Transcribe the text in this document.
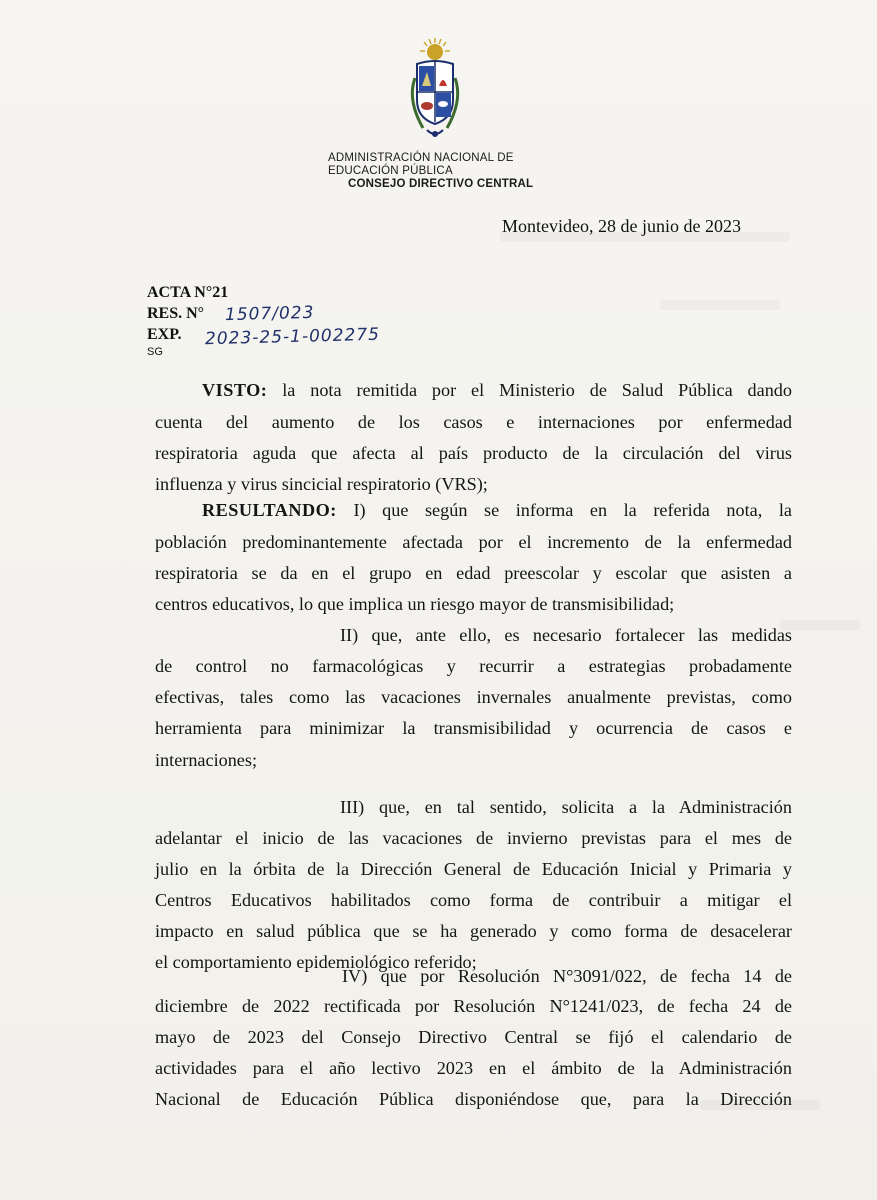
ADMINISTRACIÓN NACIONAL DE
EDUCACIÓN PÚBLICA
CONSEJO DIRECTIVO CENTRAL
Montevideo, 28 de junio de 2023
ACTA N°21
RES. N° 1507/023
EXP. 2023-25-1-002275
SG
VISTO: la nota remitida por el Ministerio de Salud Pública dando
cuenta del aumento de los casos e internaciones por enfermedad
respiratoria aguda que afecta al país producto de la circulación del virus
influenza y virus sincicial respiratorio (VRS);
RESULTANDO: I) que según se informa en la referida nota, la
población predominantemente afectada por el incremento de la enfermedad
respiratoria se da en el grupo en edad preescolar y escolar que asisten a
centros educativos, lo que implica un riesgo mayor de transmisibilidad;
II) que, ante ello, es necesario fortalecer las medidas
de control no farmacológicas y recurrir a estrategias probadamente
efectivas, tales como las vacaciones invernales anualmente previstas, como
herramienta para minimizar la transmisibilidad y ocurrencia de casos e
internaciones;
III) que, en tal sentido, solicita a la Administración
adelantar el inicio de las vacaciones de invierno previstas para el mes de
julio en la órbita de la Dirección General de Educación Inicial y Primaria y
Centros Educativos habilitados como forma de contribuir a mitigar el
impacto en salud pública que se ha generado y como forma de desacelerar
el comportamiento epidemiológico referido;
IV) que por Resolución N°3091/022, de fecha 14 de
diciembre de 2022 rectificada por Resolución N°1241/023, de fecha 24 de
mayo de 2023 del Consejo Directivo Central se fijó el calendario de
actividades para el año lectivo 2023 en el ámbito de la Administración
Nacional de Educación Pública disponiéndose que, para la Dirección
